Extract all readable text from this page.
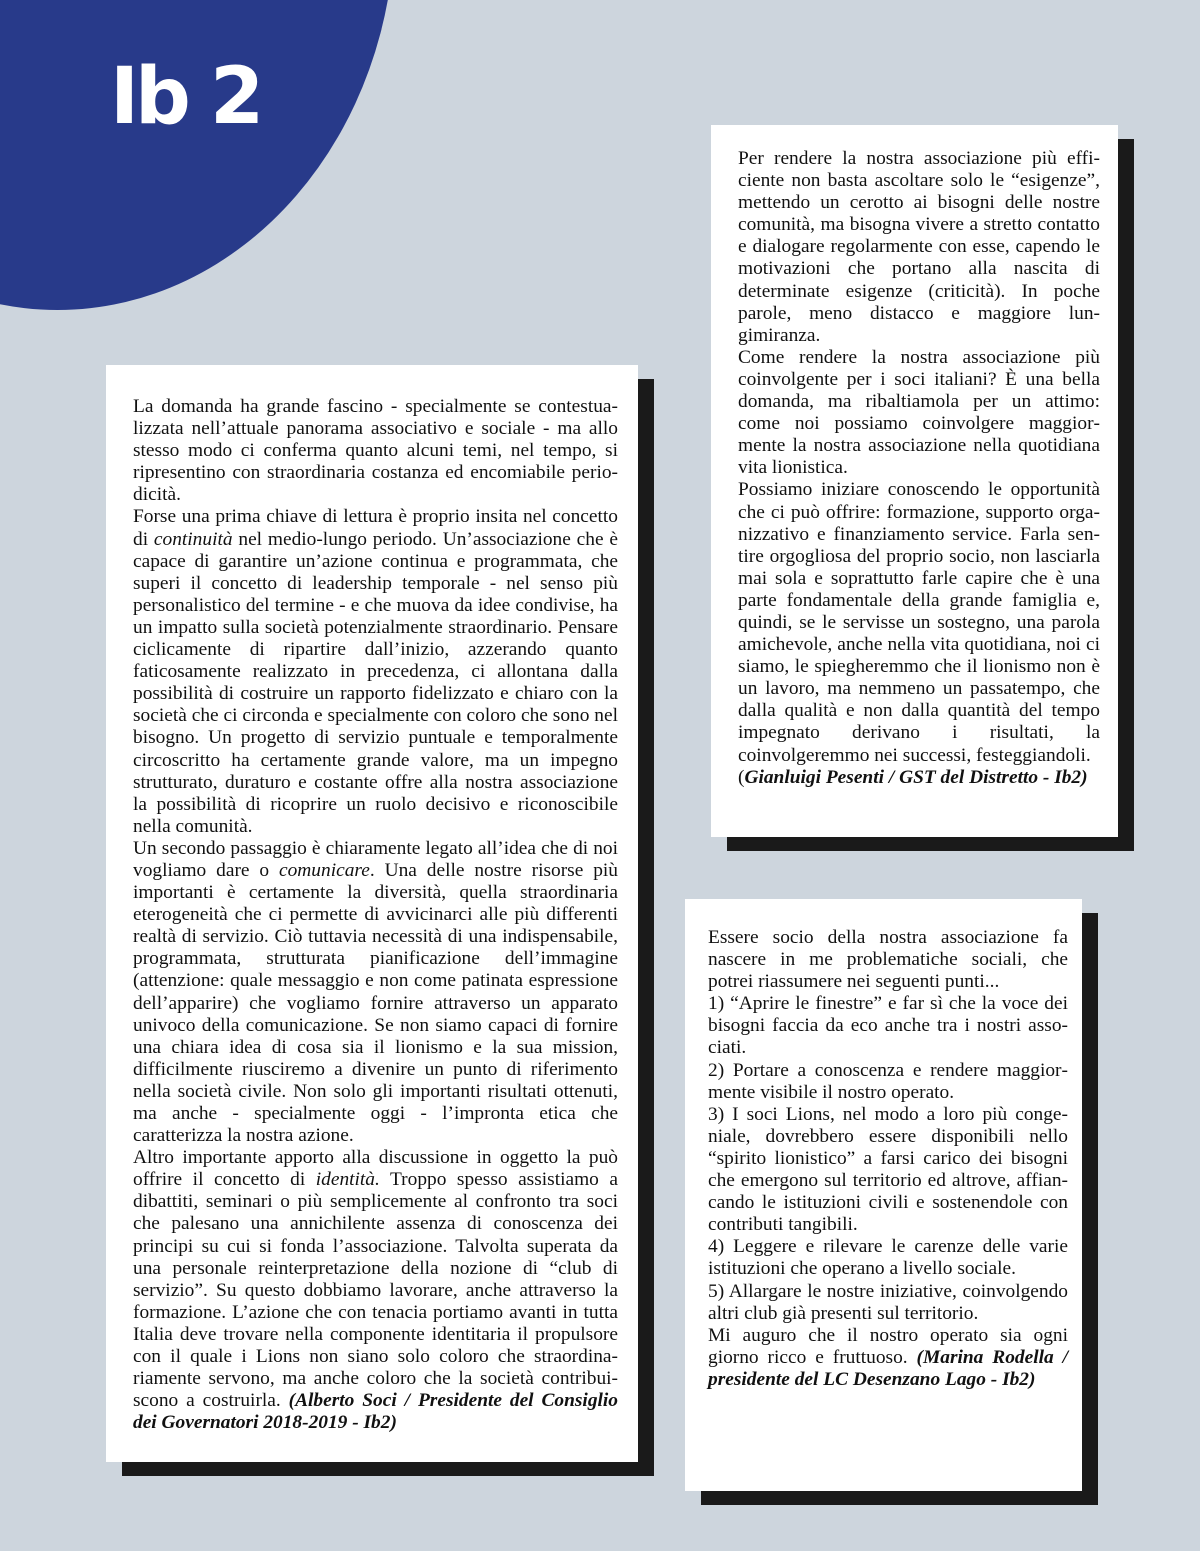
Ib 2

La domanda ha grande fascino - specialmente se contestualizzata nell’attuale panorama associativo e sociale - ma allo stesso modo ci conferma quanto alcuni temi, nel tempo, si ripresentino con straordinaria costanza ed encomiabile periodicità.

Forse una prima chiave di lettura è proprio insita nel concetto di continuità nel medio-lungo periodo. Un’associazione che è capace di garantire un’azione continua e programmata, che superi il concetto di leadership temporale - nel senso più personalistico del termine - e che muova da idee condivise, ha un impatto sulla società potenzialmente straordinario. Pensare ciclicamente di ripartire dall’inizio, azzerando quanto faticosamente realizzato in precedenza, ci allontana dalla possibilità di costruire un rapporto fidelizzato e chiaro con la società che ci circonda e specialmente con coloro che sono nel bisogno. Un progetto di servizio puntuale e temporalmente circoscritto ha certamente grande valore, ma un impegno strutturato, duraturo e costante offre alla nostra associazione la possibilità di ricoprire un ruolo decisivo e riconoscibile nella comunità.

Un secondo passaggio è chiaramente legato all’idea che di noi vogliamo dare o comunicare. Una delle nostre risorse più importanti è certamente la diversità, quella straordinaria eterogeneità che ci permette di avvicinarci alle più differenti realtà di servizio. Ciò tuttavia necessità di una indispensabile, programmata, strutturata pianificazione dell’immagine (attenzione: quale messaggio e non come patinata espressione dell’apparire) che vogliamo fornire attraverso un apparato univoco della comunicazione. Se non siamo capaci di fornire una chiara idea di cosa sia il lionismo e la sua mission, difficilmente riusciremo a divenire un punto di riferimento nella società civile. Non solo gli importanti risultati ottenuti, ma anche - specialmente oggi - l’impronta etica che caratterizza la nostra azione.

Altro importante apporto alla discussione in oggetto la può offrire il concetto di identità. Troppo spesso assistiamo a dibattiti, seminari o più semplicemente al confronto tra soci che palesano una annichilente assenza di conoscenza dei principi su cui si fonda l’associazione. Talvolta superata da una personale reinterpretazione della nozione di “club di servizio”. Su questo dobbiamo lavorare, anche attraverso la formazione. L’azione che con tenacia portiamo avanti in tutta Italia deve trovare nella componente identitaria il propulsore con il quale i Lions non siano solo coloro che straordinariamente servono, ma anche coloro che la società contribuiscono a costruirla. (Alberto Soci / Presidente del Consiglio dei Governatori 2018-2019 - Ib2)

Per rendere la nostra associazione più efficiente non basta ascoltare solo le “esigenze”, mettendo un cerotto ai bisogni delle nostre comunità, ma bisogna vivere a stretto contatto e dialogare regolarmente con esse, capendo le motivazioni che portano alla nascita di determinate esigenze (criticità). In poche parole, meno distacco e maggiore lungimiranza.

Come rendere la nostra associazione più coinvolgente per i soci italiani? È una bella domanda, ma ribaltiamola per un attimo: come noi possiamo coinvolgere maggiormente la nostra associazione nella quotidiana vita lionistica.

Possiamo iniziare conoscendo le opportunità che ci può offrire: formazione, supporto organizzativo e finanziamento service. Farla sentire orgogliosa del proprio socio, non lasciarla mai sola e soprattutto farle capire che è una parte fondamentale della grande famiglia e, quindi, se le servisse un sostegno, una parola amichevole, anche nella vita quotidiana, noi ci siamo, le spiegheremmo che il lionismo non è un lavoro, ma nemmeno un passatempo, che dalla qualità e non dalla quantità del tempo impegnato derivano i risultati, la coinvolgeremmo nei successi, festeggiandoli.

(Gianluigi Pesenti / GST del Distretto - Ib2)

Essere socio della nostra associazione fa nascere in me problematiche sociali, che potrei riassumere nei seguenti punti...

1) “Aprire le finestre” e far sì che la voce dei bisogni faccia da eco anche tra i nostri associati.

2) Portare a conoscenza e rendere maggiormente visibile il nostro operato.

3) I soci Lions, nel modo a loro più congeniale, dovrebbero essere disponibili nello “spirito lionistico” a farsi carico dei bisogni che emergono sul territorio ed altrove, affiancando le istituzioni civili e sostenendole con contributi tangibili.

4) Leggere e rilevare le carenze delle varie istituzioni che operano a livello sociale.

5) Allargare le nostre iniziative, coinvolgendo altri club già presenti sul territorio.

Mi auguro che il nostro operato sia ogni giorno ricco e fruttuoso. (Marina Rodella / presidente del LC Desenzano Lago - Ib2)
